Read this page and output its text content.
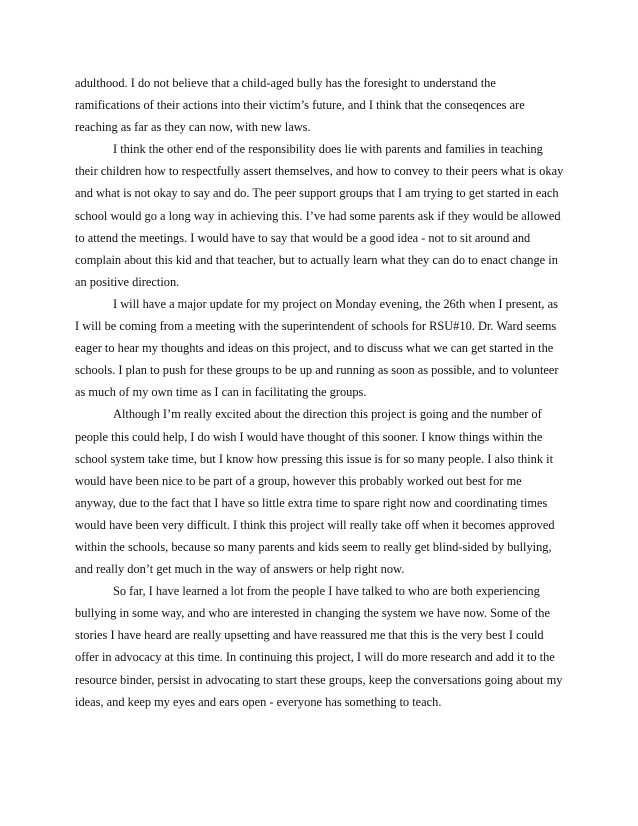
adulthood. I do not believe that a child-aged bully has the foresight to understand the ramifications of their actions into their victim’s future, and I think that the conseqences are reaching as far as they can now, with new laws.

I think the other end of the responsibility does lie with parents and families in teaching their children how to respectfully assert themselves, and how to convey to their peers what is okay and what is not okay to say and do. The peer support groups that I am trying to get started in each school would go a long way in achieving this. I’ve had some parents ask if they would be allowed to attend the meetings. I would have to say that would be a good idea - not to sit around and complain about this kid and that teacher, but to actually learn what they can do to enact change in an positive direction.

I will have a major update for my project on Monday evening, the 26th when I present, as I will be coming from a meeting with the superintendent of schools for RSU#10. Dr. Ward seems eager to hear my thoughts and ideas on this project, and to discuss what we can get started in the schools. I plan to push for these groups to be up and running as soon as possible, and to volunteer as much of my own time as I can in facilitating the groups.

Although I’m really excited about the direction this project is going and the number of people this could help, I do wish I would have thought of this sooner. I know things within the school system take time, but I know how pressing this issue is for so many people. I also think it would have been nice to be part of a group, however this probably worked out best for me anyway, due to the fact that I have so little extra time to spare right now and coordinating times would have been very difficult. I think this project will really take off when it becomes approved within the schools, because so many parents and kids seem to really get blind-sided by bullying, and really don’t get much in the way of answers or help right now.

So far, I have learned a lot from the people I have talked to who are both experiencing bullying in some way, and who are interested in changing the system we have now. Some of the stories I have heard are really upsetting and have reassured me that this is the very best I could offer in advocacy at this time. In continuing this project, I will do more research and add it to the resource binder, persist in advocating to start these groups, keep the conversations going about my ideas, and keep my eyes and ears open - everyone has something to teach.
